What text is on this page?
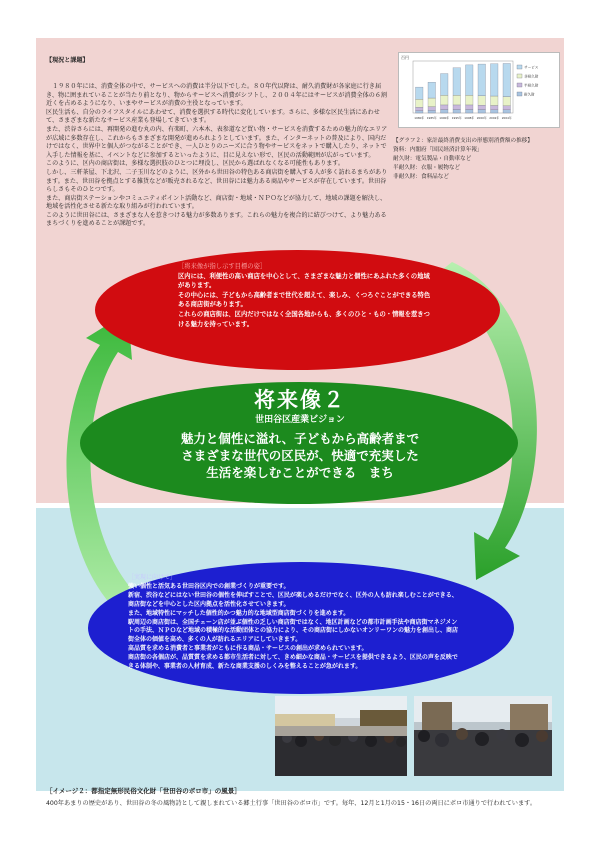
【現況と課題】

　１９８０年には、消費全体の中で、サービスへの消費は半分以下でした。８０年代以降は、耐久消費財が各家庭に行き届き、物に囲まれていることが当たり前となり、物からサービスへ消費がシフトし、２００４年にはサービスが消費全体の６割近くを占めるようになり、いまやサービスが消費の主役となっています。
区民生活も、自分のライフスタイルにあわせて、消費を選択する時代に変化しています。さらに、多様な区民生活にあわせて、さまざまな新たなサービス産業も登場してきています。
また、渋谷さらには、再開発の進む丸の内、有楽町、六本木、表参道など買い物・サービスを消費するための魅力的なエリアが広域に多数存在し、これからもさまざまな開発が進められようとしています。また、インターネットの普及により、国内だけではなく、世界中と個人がつながることができ、一人ひとりのニーズに合う物やサービスをネットで購入したり、ネットで入手した情報を基に、イベントなどに参加するといったように、目に見えない形で、区民の活動範囲が広がっています。
このように、区内の商店街は、多様な選択肢のひとつに埋没し、区民から選ばれなくなる可能性もあります。
しかし、三軒茶屋、下北沢、二子玉川などのように、区外から世田谷の特色ある商店街を購入する人が多く訪れるまちがあります。また、世田谷を拠点とする雑貨などが販売されるなど、世田谷には魅力ある商品やサービスが存在しています。世田谷らしさもそのひとつです。
また、商店街ステーションやコミュニティポイント活動など、商店街・地域・ＮＰＯなどが協力して、地域の課題を解決し、地域を活性化させる新たな取り組みが行われています。
このように世田谷には、さまざまな人を惹きつける魅力が多数あります。これらの魅力を複合的に結びつけて、より魅力あるまちづくりを進めることが課題です。

百円
1980年 1985年 1990年 1995年 1998年 2000年 2002年 2004年
サービス
非耐久財
半耐久財
耐久財
【グラフ２：家計最終消費支出の形態別消費額の推移】
資料：内閣府「国民経済計算年報」
耐久財：電気製品・自動車など
半耐久財：衣服・履物など
非耐久財：食料品など
［将来像が指し示す目標の姿］
区内には、利便性の高い商店を中心として、さまざまな魅力と個性にあふれた多くの地域があります。
その中心には、子どもから高齢者まで世代を超えて、楽しみ、くつろぐことができる特色ある商店街があります。
これらの商店街は、区内だけではなく全国各地からも、多くのひと・もの・情報を惹きつける魅力を持っています。
将来像２
世田谷区産業ビジョン
魅力と個性に溢れ、子どもから高齢者まで
さまざまな世代の区民が、快適で充実した
生活を楽しむことができる　まち
［実現に向けて］
強い個性と活気ある世田谷区内での創業づくりが重要です。
新宿、渋谷などにはない世田谷の個性を伸ばすことで、区民が楽しめるだけでなく、区外の人も訪れ楽しむことができる、商店街などを中心とした区内拠点を活性化させていきます。
また、地域特性にマッチした個性的かつ魅力的な地域型商店街づくりを進めます。
駅周辺の商店街は、全国チェーン店が並ぶ個性の乏しい商店街ではなく、地区計画などの都市計画手法や商店街マネジメントの手法、ＮＰＯなど地域の積極的な活動団体との協力により、その商店街にしかないオンリーワンの魅力を創出し、商店街全体の価値を高め、多くの人が訪れるエリアにしていきます。
高品質を求める消費者と事業者がともに作る商品・サービスの創出が求められています。
商店街の各個店が、品質質を求める都市生活者に対して、きめ細かな商品・サービスを提供できるよう、区民の声を反映できる体制や、事業者の人材育成、新たな商業支援のしくみを整えることが急がれます。
［イメージ２：都指定無形民俗文化財「世田谷のボロ市」の風景］
400年あまりの歴史があり、世田谷の冬の風物詩として親しまれている郷土行事「世田谷のボロ市」です。毎年、12月と1月の15・16日の両日にボロ市通りで行われています。
